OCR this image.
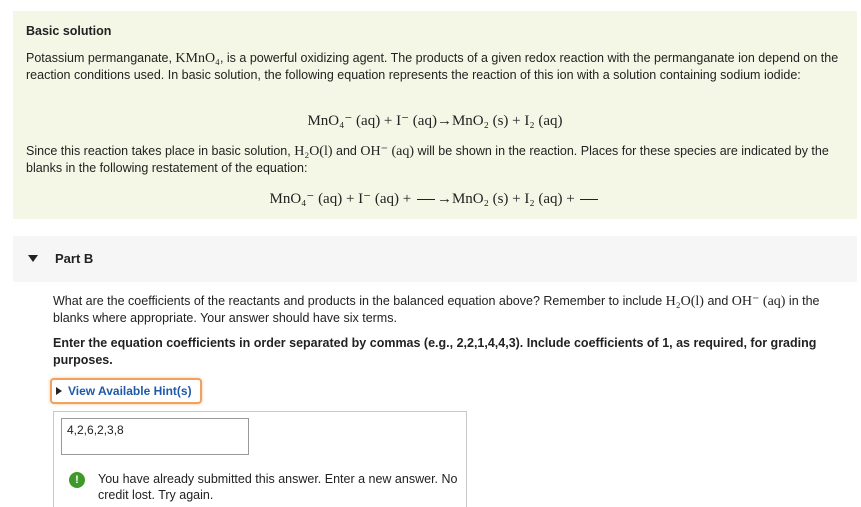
Basic solution

Potassium permanganate, KMnO₄, is a powerful oxidizing agent. The products of a given redox reaction with the permanganate ion depend on the reaction conditions used. In basic solution, the following equation represents the reaction of this ion with a solution containing sodium iodide:

MnO₄⁻ (aq) + I⁻ (aq)→MnO₂ (s) + I₂ (aq)

Since this reaction takes place in basic solution, H₂O(l) and OH⁻ (aq) will be shown in the reaction. Places for these species are indicated by the blanks in the following restatement of the equation:

MnO₄⁻ (aq) + I⁻ (aq) + →MnO₂ (s) + I₂ (aq) +
Part B

What are the coefficients of the reactants and products in the balanced equation above? Remember to include H₂O(l) and OH⁻ (aq) in the blanks where appropriate. Your answer should have six terms.

Enter the equation coefficients in order separated by commas (e.g., 2,2,1,4,4,3). Include coefficients of 1, as required, for grading purposes.

View Available Hint(s)
4,2,6,2,3,8
!	You have already submitted this answer. Enter a new answer. No credit lost. Try again.
